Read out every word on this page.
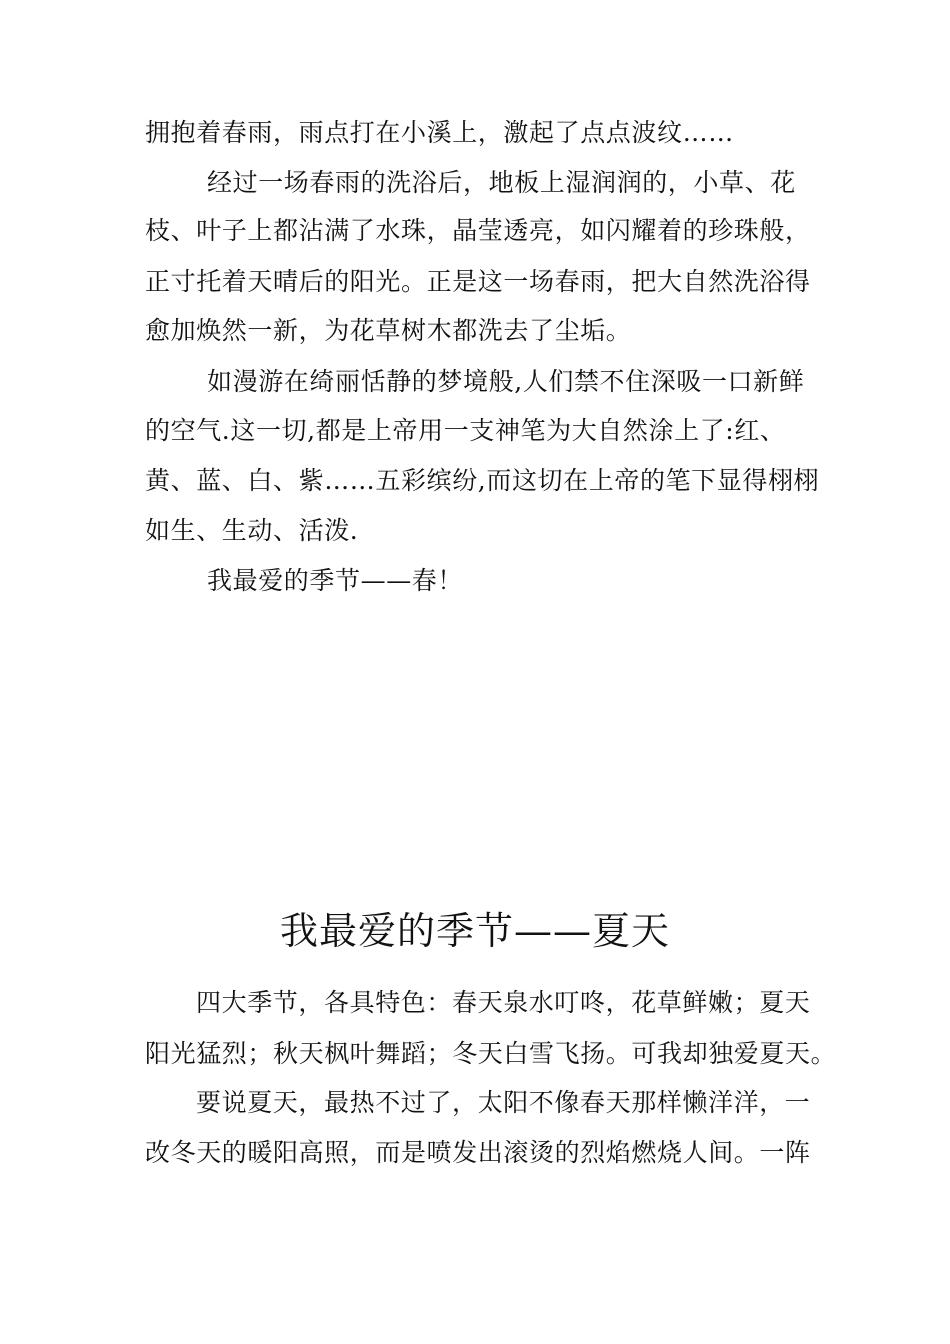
拥抱着春雨，雨点打在小溪上，激起了点点波纹……
经过一场春雨的洗浴后，地板上湿润润的，小草、花
枝、叶子上都沾满了水珠，晶莹透亮，如闪耀着的珍珠般，
正寸托着天晴后的阳光。正是这一场春雨，把大自然洗浴得
愈加焕然一新，为花草树木都洗去了尘垢。
如漫游在绮丽恬静的梦境般,人们禁不住深吸一口新鲜
的空气.这一切,都是上帝用一支神笔为大自然涂上了:红、
黄、蓝、白、紫……五彩缤纷,而这切在上帝的笔下显得栩栩
如生、生动、活泼.
我最爱的季节——春！
我最爱的季节——夏天
四大季节，各具特色：春天泉水叮咚，花草鲜嫩；夏天
阳光猛烈；秋天枫叶舞蹈；冬天白雪飞扬。可我却独爱夏天。
要说夏天，最热不过了，太阳不像春天那样懒洋洋，一
改冬天的暖阳高照，而是喷发出滚烫的烈焰燃烧人间。一阵
